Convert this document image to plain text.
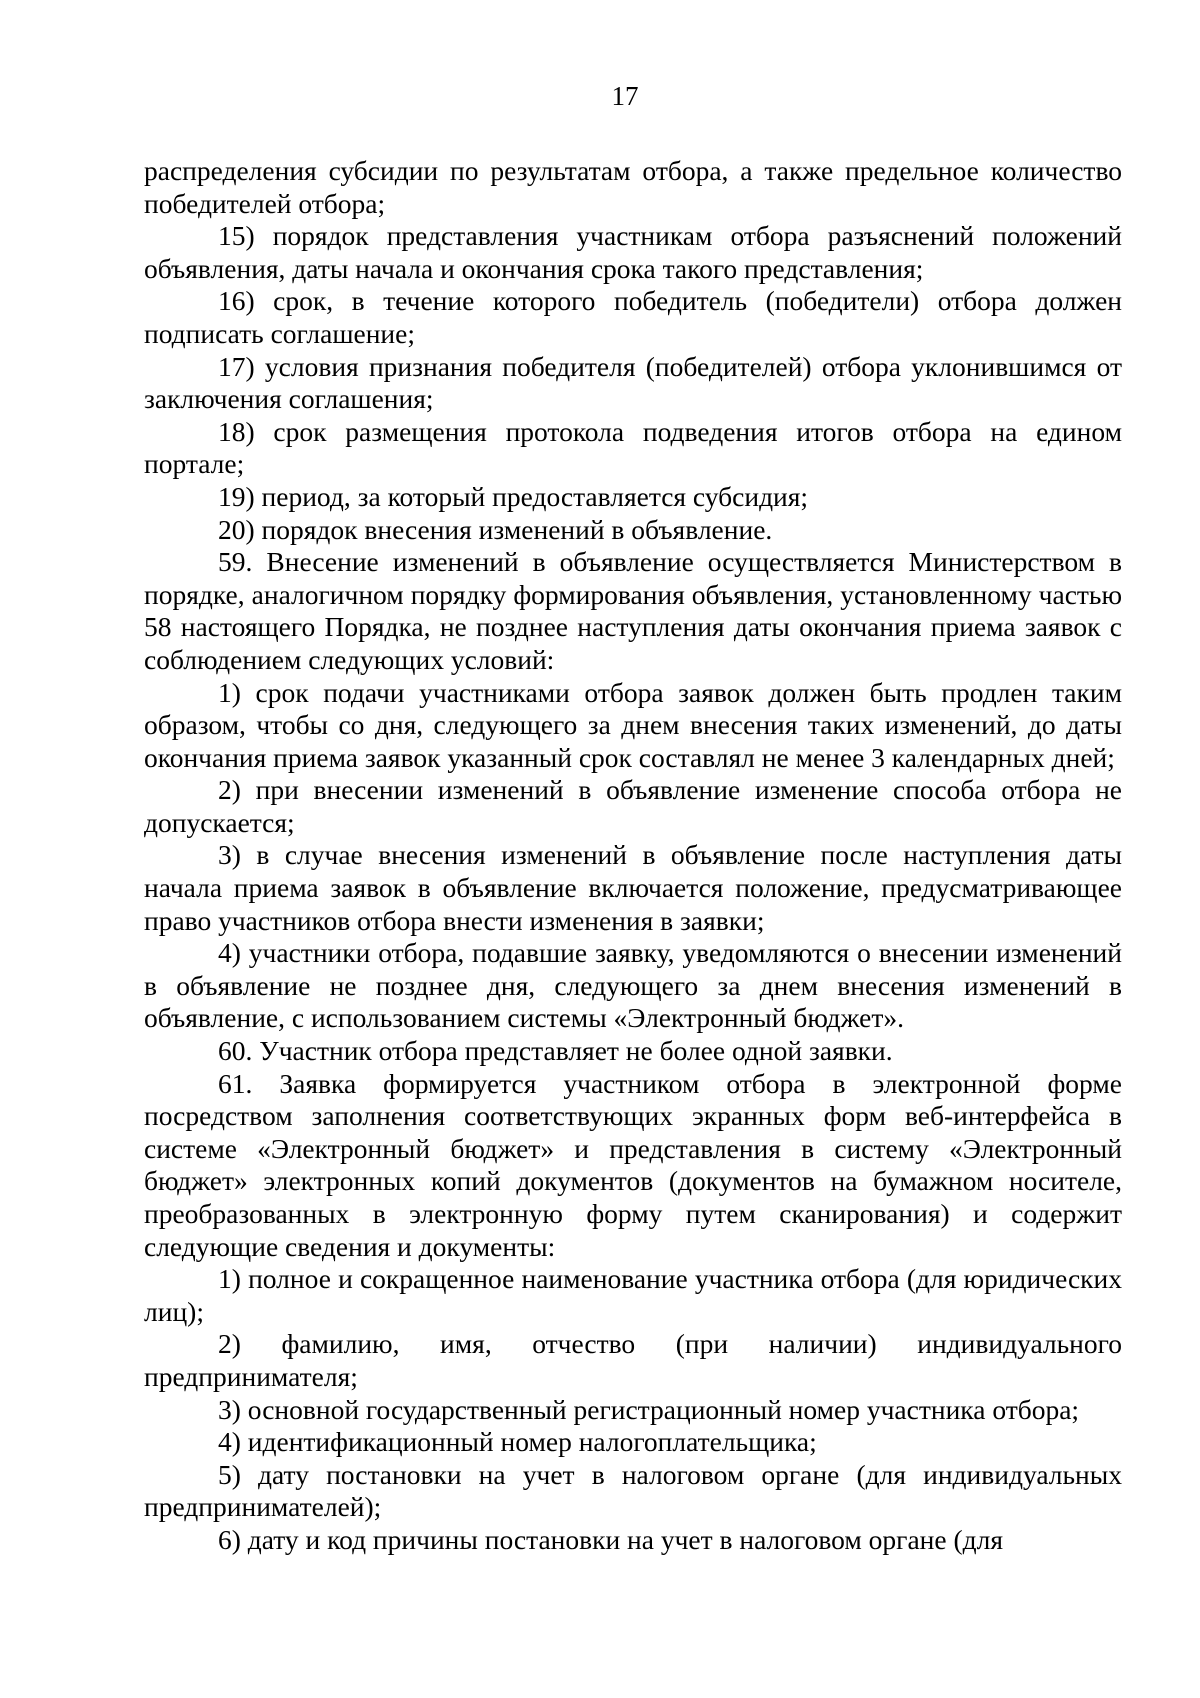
17

распределения субсидии по результатам отбора, а также предельное количество победителей отбора;

15) порядок представления участникам отбора разъяснений положений объявления, даты начала и окончания срока такого представления;

16) срок, в течение которого победитель (победители) отбора должен подписать соглашение;

17) условия признания победителя (победителей) отбора уклонившимся от заключения соглашения;

18) срок размещения протокола подведения итогов отбора на едином портале;

19) период, за который предоставляется субсидия;

20) порядок внесения изменений в объявление.

59. Внесение изменений в объявление осуществляется Министерством в порядке, аналогичном порядку формирования объявления, установленному частью 58 настоящего Порядка, не позднее наступления даты окончания приема заявок с соблюдением следующих условий:

1) срок подачи участниками отбора заявок должен быть продлен таким образом, чтобы со дня, следующего за днем внесения таких изменений, до даты окончания приема заявок указанный срок составлял не менее 3 календарных дней;

2) при внесении изменений в объявление изменение способа отбора не допускается;

3) в случае внесения изменений в объявление после наступления даты начала приема заявок в объявление включается положение, предусматривающее право участников отбора внести изменения в заявки;

4) участники отбора, подавшие заявку, уведомляются о внесении изменений в объявление не позднее дня, следующего за днем внесения изменений в объявление, с использованием системы «Электронный бюджет».

60. Участник отбора представляет не более одной заявки.

61. Заявка формируется участником отбора в электронной форме посредством заполнения соответствующих экранных форм веб-интерфейса в системе «Электронный бюджет» и представления в систему «Электронный бюджет» электронных копий документов (документов на бумажном носителе, преобразованных в электронную форму путем сканирования) и содержит следующие сведения и документы:

1) полное и сокращенное наименование участника отбора (для юридических лиц);

2) фамилию, имя, отчество (при наличии) индивидуального предпринимателя;

3) основной государственный регистрационный номер участника отбора;

4) идентификационный номер налогоплательщика;

5) дату постановки на учет в налоговом органе (для индивидуальных предпринимателей);

6) дату и код причины постановки на учет в налоговом органе (для
